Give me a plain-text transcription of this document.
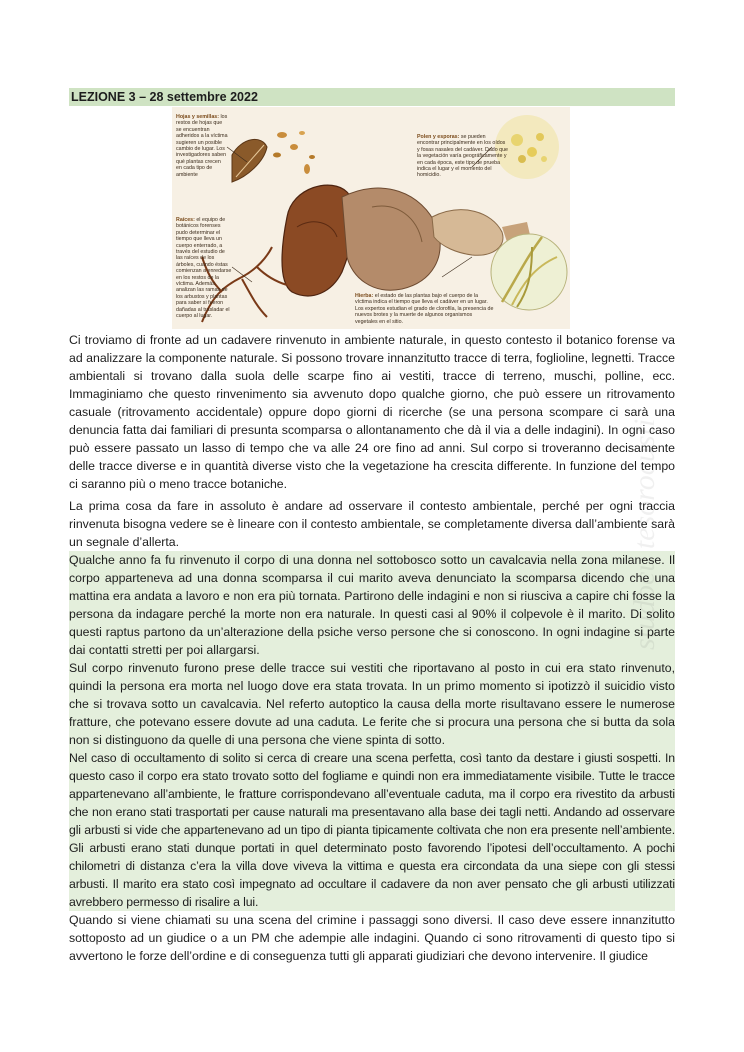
LEZIONE 3 – 28 settembre 2022
Hojas y semillas: los restos de hojas que se encuentran adheridos a la víctima sugieren un posible cambio de lugar. Los investigadores saben qué plantas crecen en cada tipo de ambiente
Polen y esporas: se pueden encontrar principalmente en los oídos y fosas nasales del cadáver. Dado que la vegetación varía geográficamente y en cada época, este tipo de prueba indica el lugar y el momento del homicidio.
Raíces: el equipo de botánicos forenses pudo determinar el tiempo que lleva un cuerpo enterrado, a través del estudio de las raíces de los árboles, cuando éstas comienzan a enredarse en los restos de la víctima. Además, analizan las ramas de los arbustos y plantas para saber si fueron dañadas al trasladar el cuerpo al lugar.
Hierba: el estado de las plantas bajo el cuerpo de la víctima indica el tiempo que lleva el cadáver en un lugar. Los expertos estudian el grado de clorofila, la presencia de nuevos brotes y la muerte de algunos organismos vegetales en el sitio.

Ci troviamo di fronte ad un cadavere rinvenuto in ambiente naturale, in questo contesto il botanico forense va ad analizzare la componente naturale. Si possono trovare innanzitutto tracce di terra, foglioline, legnetti. Tracce ambientali si trovano dalla suola delle scarpe fino ai vestiti, tracce di terreno, muschi, polline, ecc. Immaginiamo che questo rinvenimento sia avvenuto dopo qualche giorno, che può essere un ritrovamento casuale (ritrovamento accidentale) oppure dopo giorni di ricerche (se una persona scompare ci sarà una denuncia fatta dai familiari di presunta scomparsa o allontanamento che dà il via a delle indagini). In ogni caso può essere passato un lasso di tempo che va alle 24 ore fino ad anni. Sul corpo si troveranno decisamente delle tracce diverse e in quantità diverse visto che la vegetazione ha crescita differente. In funzione del tempo ci saranno più o meno tracce botaniche.

La prima cosa da fare in assoluto è andare ad osservare il contesto ambientale, perché per ogni traccia rinvenuta bisogna vedere se è lineare con il contesto ambientale, se completamente diversa dall’ambiente sarà un segnale d’allerta.

Qualche anno fa fu rinvenuto il corpo di una donna nel sottobosco sotto un cavalcavia nella zona milanese. Il corpo apparteneva ad una donna scomparsa il cui marito aveva denunciato la scomparsa dicendo che una mattina era andata a lavoro e non era più tornata. Partirono delle indagini e non si riusciva a capire chi fosse la persona da indagare perché la morte non era naturale. In questi casi al 90% il colpevole è il marito. Di solito questi raptus partono da un’alterazione della psiche verso persone che si conoscono. In ogni indagine si parte dai contatti stretti per poi allargarsi.

Sul corpo rinvenuto furono prese delle tracce sui vestiti che riportavano al posto in cui era stato rinvenuto, quindi la persona era morta nel luogo dove era stata trovata. In un primo momento si ipotizzò il suicidio visto che si trovava sotto un cavalcavia. Nel referto autoptico la causa della morte risultavano essere le numerose fratture, che potevano essere dovute ad una caduta. Le ferite che si procura una persona che si butta da sola non si distinguono da quelle di una persona che viene spinta di sotto.

Nel caso di occultamento di solito si cerca di creare una scena perfetta, così tanto da destare i giusti sospetti. In questo caso il corpo era stato trovato sotto del fogliame e quindi non era immediatamente visibile. Tutte le tracce appartenevano all’ambiente, le fratture corrispondevano all’eventuale caduta, ma il corpo era rivestito da arbusti che non erano stati trasportati per cause naturali ma presentavano alla base dei tagli netti. Andando ad osservare gli arbusti si vide che appartenevano ad un tipo di pianta tipicamente coltivata che non era presente nell’ambiente. Gli arbusti erano stati dunque portati in quel determinato posto favorendo l’ipotesi dell’occultamento. A pochi chilometri di distanza c’era la villa dove viveva la vittima e questa era circondata da una siepe con gli stessi arbusti. Il marito era stato così impegnato ad occultare il cadavere da non aver pensato che gli arbusti utilizzati avrebbero permesso di risalire a lui.

Quando si viene chiamati su una scena del crimine i passaggi sono diversi. Il caso deve essere innanzitutto sottoposto ad un giudice o a un PM che adempie alle indagini. Quando ci sono ritrovamenti di questo tipo si avvertono le forze dell’ordine e di conseguenza tutti gli apparati giudiziari che devono intervenire. Il giudice

studocu tesorocusti
